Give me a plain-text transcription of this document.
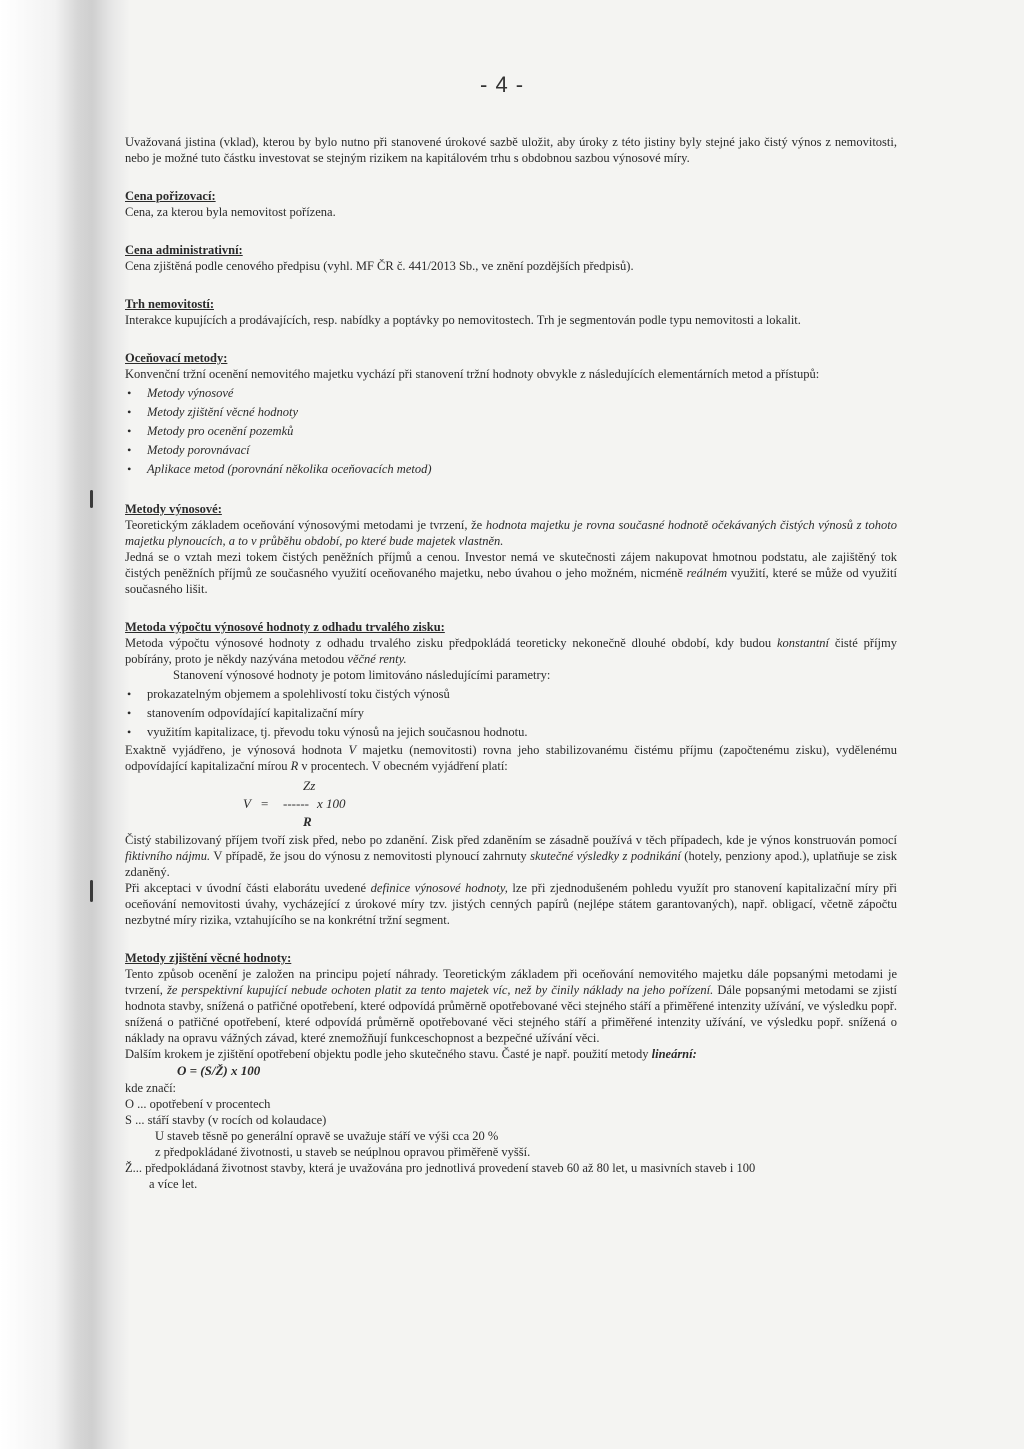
- 4 -

Uvažovaná jistina (vklad), kterou by bylo nutno při stanovené úrokové sazbě uložit, aby úroky z této jistiny byly stejné jako čistý výnos z nemovitosti, nebo je možné tuto částku investovat se stejným rizikem na kapitálovém trhu s obdobnou sazbou výnosové míry.

Cena pořizovací:

Cena, za kterou byla nemovitost pořízena.

Cena administrativní:

Cena zjištěná podle cenového předpisu (vyhl. MF ČR č. 441/2013 Sb., ve znění pozdějších předpisů).

Trh nemovitostí:

Interakce kupujících a prodávajících, resp. nabídky a poptávky po nemovitostech. Trh je segmentován podle typu nemovitosti a lokalit.

Oceňovací metody:

Konvenční tržní ocenění nemovitého majetku vychází při stanovení tržní hodnoty obvykle z následujících elementárních metod a přístupů:

• Metody výnosové
• Metody zjištění věcné hodnoty
• Metody pro ocenění pozemků
• Metody porovnávací
• Aplikace metod (porovnání několika oceňovacích metod)

Metody výnosové:

Teoretickým základem oceňování výnosovými metodami je tvrzení, že hodnota majetku je rovna současné hodnotě očekávaných čistých výnosů z tohoto majetku plynoucích, a to v průběhu období, po které bude majetek vlastněn.

Jedná se o vztah mezi tokem čistých peněžních příjmů a cenou. Investor nemá ve skutečnosti zájem nakupovat hmotnou podstatu, ale zajištěný tok čistých peněžních příjmů ze současného využití oceňovaného majetku, nebo úvahou o jeho možném, nicméně reálném využití, které se může od využití současného lišit.

Metoda výpočtu výnosové hodnoty z odhadu trvalého zisku:

Metoda výpočtu výnosové hodnoty z odhadu trvalého zisku předpokládá teoreticky nekonečně dlouhé období, kdy budou konstantní čisté příjmy pobírány, proto je někdy nazývána metodou věčné renty.

Stanovení výnosové hodnoty je potom limitováno následujícími parametry:

• prokazatelným objemem a spolehlivostí toku čistých výnosů
• stanovením odpovídající kapitalizační míry
• využitím kapitalizace, tj. převodu toku výnosů na jejich současnou hodnotu.

Exaktně vyjádřeno, je výnosová hodnota V majetku (nemovitosti) rovna jeho stabilizovanému čistému příjmu (započtenému zisku), vydělenému odpovídající kapitalizační mírou R v procentech. V obecném vyjádření platí:

Zz
V = ------ x 100
R

Čistý stabilizovaný příjem tvoří zisk před, nebo po zdanění. Zisk před zdaněním se zásadně používá v těch případech, kde je výnos konstruován pomocí fiktivního nájmu. V případě, že jsou do výnosu z nemovitosti plynoucí zahrnuty skutečné výsledky z podnikání (hotely, penziony apod.), uplatňuje se zisk zdaněný.

Při akceptaci v úvodní části elaborátu uvedené definice výnosové hodnoty, lze při zjednodušeném pohledu využít pro stanovení kapitalizační míry při oceňování nemovitosti úvahy, vycházející z úrokové míry tzv. jistých cenných papírů (nejlépe státem garantovaných), např. obligací, včetně zápočtu nezbytné míry rizika, vztahujícího se na konkrétní tržní segment.

Metody zjištění věcné hodnoty:

Tento způsob ocenění je založen na principu pojetí náhrady. Teoretickým základem při oceňování nemovitého majetku dále popsanými metodami je tvrzení, že perspektivní kupující nebude ochoten platit za tento majetek víc, než by činily náklady na jeho pořízení. Dále popsanými metodami se zjistí hodnota stavby, snížená o patřičné opotřebení, které odpovídá průměrně opotřebované věci stejného stáří a přiměřené intenzity užívání, ve výsledku popř. snížená o patřičné opotřebení, které odpovídá průměrně opotřebované věci stejného stáří a přiměřené intenzity užívání, ve výsledku popř. snížená o náklady na opravu vážných závad, které znemožňují funkceschopnost a bezpečné užívání věci.

Dalším krokem je zjištění opotřebení objektu podle jeho skutečného stavu. Časté je např. použití metody lineární:

O = (S/Ž) x 100

kde značí:

O ... opotřebení v procentech

S ... stáří stavby (v rocích od kolaudace)

U staveb těsně po generální opravě se uvažuje stáří ve výši cca 20 %

z předpokládané životnosti, u staveb se neúplnou opravou přiměřeně vyšší.

Ž... předpokládaná životnost stavby, která je uvažována pro jednotlivá provedení staveb 60 až 80 let, u masivních staveb i 100

a více let.
